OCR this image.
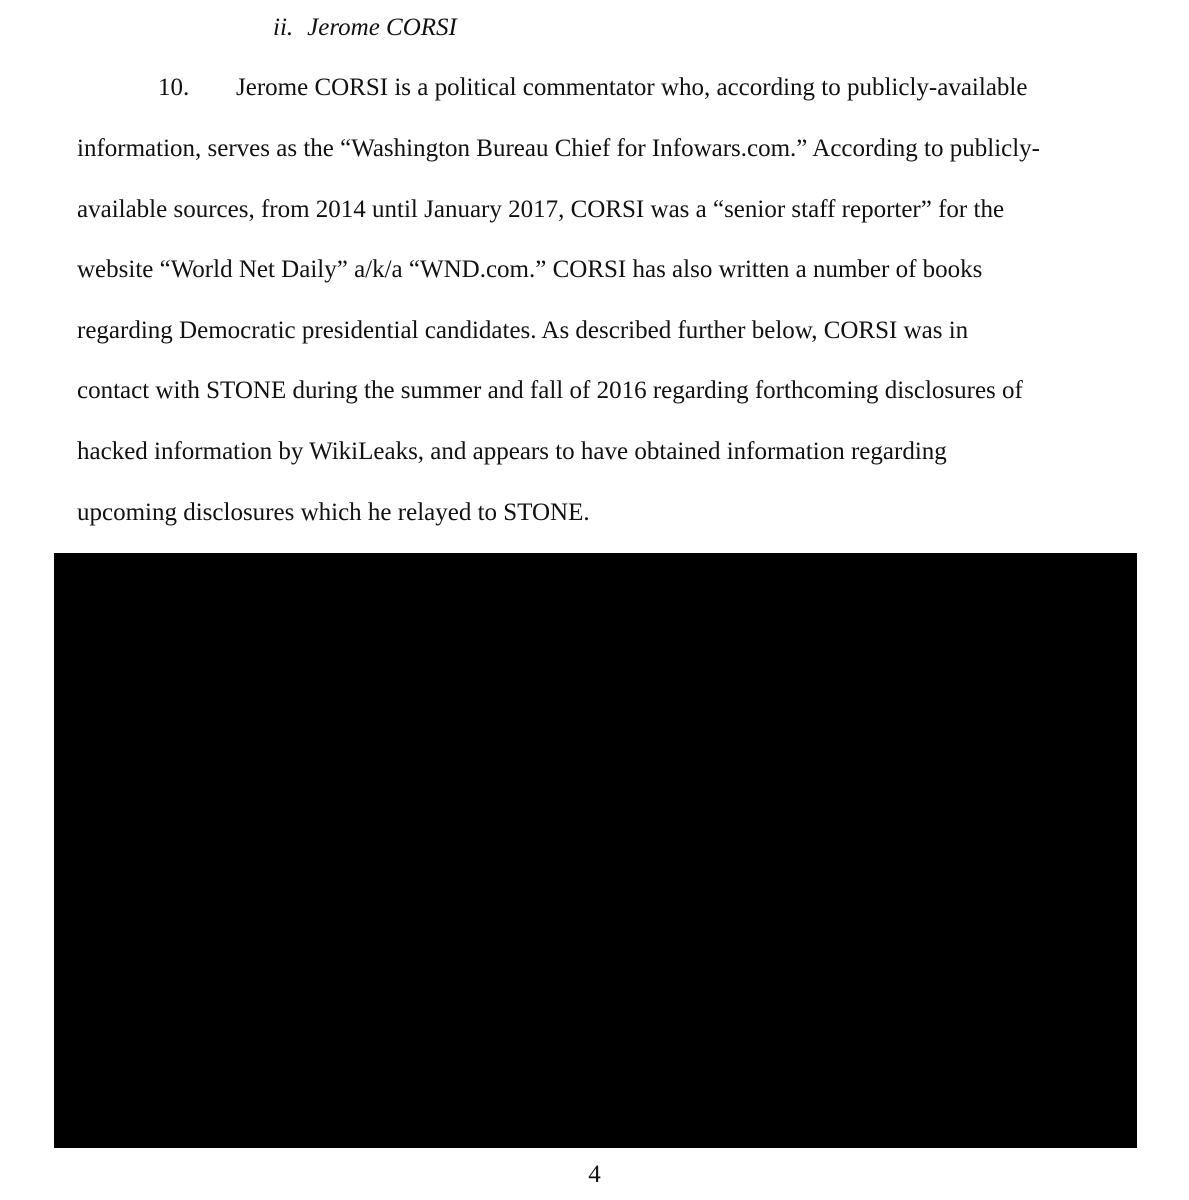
ii. Jerome CORSI
10. Jerome CORSI is a political commentator who, according to publicly-available
information, serves as the “Washington Bureau Chief for Infowars.com.” According to publicly-
available sources, from 2014 until January 2017, CORSI was a “senior staff reporter” for the
website “World Net Daily” a/k/a “WND.com.” CORSI has also written a number of books
regarding Democratic presidential candidates. As described further below, CORSI was in
contact with STONE during the summer and fall of 2016 regarding forthcoming disclosures of
hacked information by WikiLeaks, and appears to have obtained information regarding
upcoming disclosures which he relayed to STONE.
4
